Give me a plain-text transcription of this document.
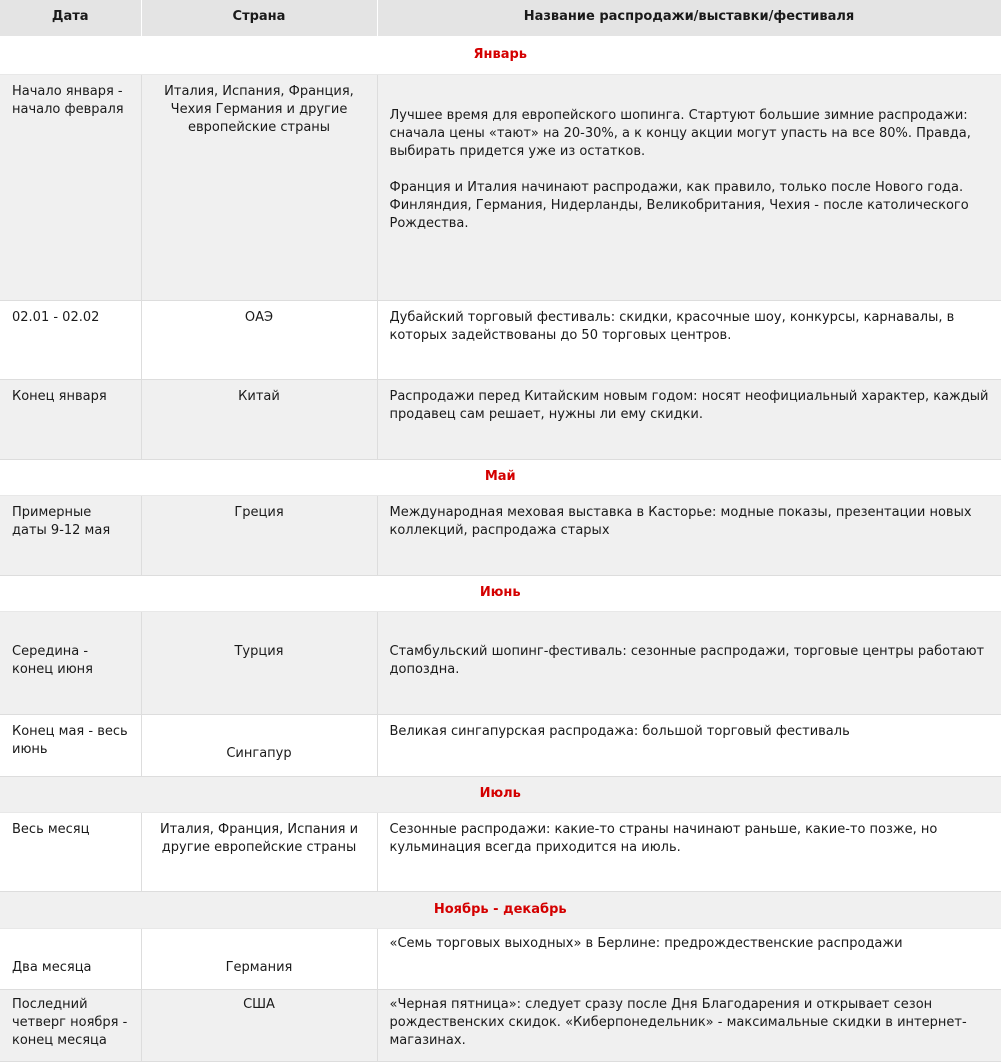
Дата	Страна	Название распродажи/выставки/фестиваля
Январь		
Начало января - начало февраля	Италия, Испания, Франция, Чехия Германия и другие европейские страны	Лучшее время для европейского шопинга. Стартуют большие зимние распродажи: сначала цены «тают» на 20-30%, а к концу акции могут упасть на все 80%. Правда, выбирать придется уже из остатков.

Франция и Италия начинают распродажи, как правило, только после Нового года. Финляндия, Германия, Нидерланды, Великобритания, Чехия - после католического Рождества.

02.01 - 02.02	ОАЭ	Дубайский торговый фестиваль: скидки, красочные шоу, конкурсы, карнавалы, в которых задействованы до 50 торговых центров.

Конец января	Китай	Распродажи перед Китайским новым годом: носят неофициальный характер, каждый продавец сам решает, нужны ли ему скидки.

Май		
Примерные даты 9-12 мая	Греция	Международная меховая выставка в Касторье: модные показы, презентации новых коллекций, распродажа старых

Июнь		
Середина - конец июня	Турция	Стамбульский шопинг-фестиваль: сезонные распродажи, торговые центры работают допоздна.

Конец мая - весь июнь	Сингапур	Великая сингапурская распродажа: большой торговый фестиваль

Июль		
Весь месяц	Италия, Франция, Испания и другие европейские страны	Сезонные распродажи: какие-то страны начинают раньше, какие-то позже, но кульминация всегда приходится на июль.

Ноябрь - декабрь		
Два месяца	Германия	«Семь торговых выходных» в Берлине: предрождественские распродажи

Последний четверг ноября - конец месяца	США	«Черная пятница»: следует сразу после Дня Благодарения и открывает сезон рождественских скидок. «Киберпонедельник» - максимальные скидки в интернет-магазинах.
